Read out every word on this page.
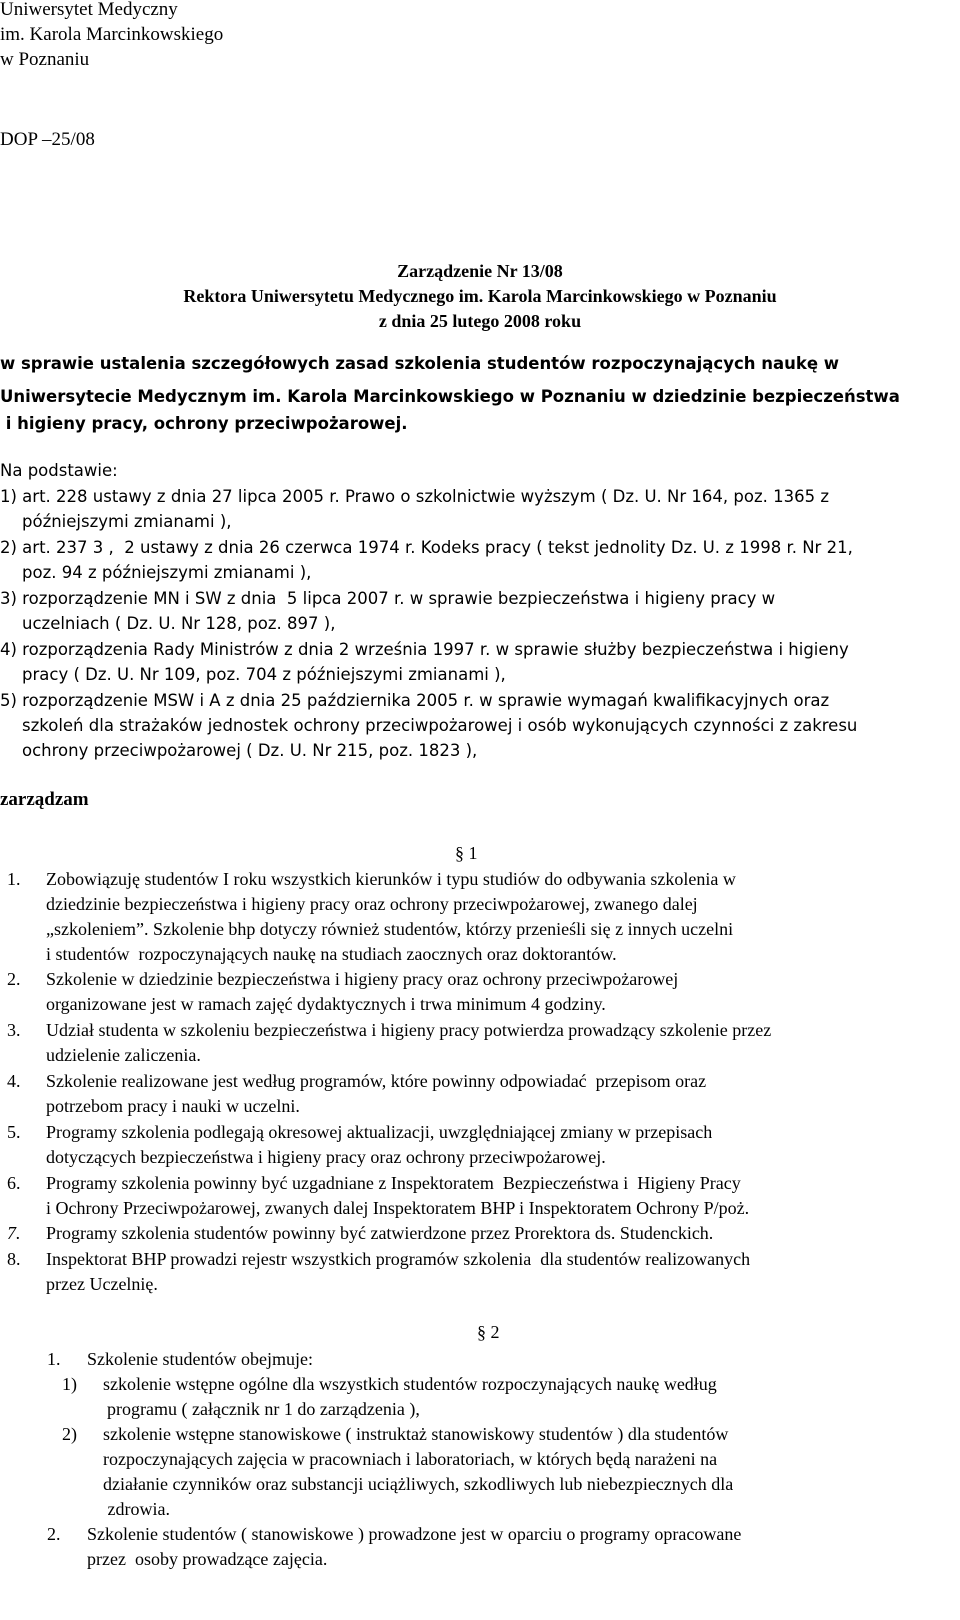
Uniwersytet Medyczny
im. Karola Marcinkowskiego
w Poznaniu
DOP –25/08
Zarządzenie Nr 13/08
Rektora Uniwersytetu Medycznego im. Karola Marcinkowskiego w Poznaniu
z dnia 25 lutego 2008 roku
w sprawie ustalenia szczegółowych zasad szkolenia studentów rozpoczynających naukę w
Uniwersytecie Medycznym im. Karola Marcinkowskiego w Poznaniu w dziedzinie bezpieczeństwa
i higieny pracy, ochrony przeciwpożarowej.
Na podstawie:
1) art. 228 ustawy z dnia 27 lipca 2005 r. Prawo o szkolnictwie wyższym ( Dz. U. Nr 164, poz. 1365 z
późniejszymi zmianami ),
2) art. 237 3 ,  2 ustawy z dnia 26 czerwca 1974 r. Kodeks pracy ( tekst jednolity Dz. U. z 1998 r. Nr 21,
poz. 94 z późniejszymi zmianami ),
3) rozporządzenie MN i SW z dnia  5 lipca 2007 r. w sprawie bezpieczeństwa i higieny pracy w
uczelniach ( Dz. U. Nr 128, poz. 897 ),
4) rozporządzenia Rady Ministrów z dnia 2 września 1997 r. w sprawie służby bezpieczeństwa i higieny
pracy ( Dz. U. Nr 109, poz. 704 z późniejszymi zmianami ),
5) rozporządzenie MSW i A z dnia 25 października 2005 r. w sprawie wymagań kwalifikacyjnych oraz
szkoleń dla strażaków jednostek ochrony przeciwpożarowej i osób wykonujących czynności z zakresu
ochrony przeciwpożarowej ( Dz. U. Nr 215, poz. 1823 ),
zarządzam
§ 1
1. Zobowiązuję studentów I roku wszystkich kierunków i typu studiów do odbywania szkolenia w
dziedzinie bezpieczeństwa i higieny pracy oraz ochrony przeciwpożarowej, zwanego dalej
„szkoleniem”. Szkolenie bhp dotyczy również studentów, którzy przenieśli się z innych uczelni
i studentów  rozpoczynających naukę na studiach zaocznych oraz doktorantów.
2. Szkolenie w dziedzinie bezpieczeństwa i higieny pracy oraz ochrony przeciwpożarowej
organizowane jest w ramach zajęć dydaktycznych i trwa minimum 4 godziny.
3. Udział studenta w szkoleniu bezpieczeństwa i higieny pracy potwierdza prowadzący szkolenie przez
udzielenie zaliczenia.
4. Szkolenie realizowane jest według programów, które powinny odpowiadać  przepisom oraz
potrzebom pracy i nauki w uczelni.
5. Programy szkolenia podlegają okresowej aktualizacji, uwzględniającej zmiany w przepisach
dotyczących bezpieczeństwa i higieny pracy oraz ochrony przeciwpożarowej.
6. Programy szkolenia powinny być uzgadniane z Inspektoratem  Bezpieczeństwa i  Higieny Pracy
i Ochrony Przeciwpożarowej, zwanych dalej Inspektoratem BHP i Inspektoratem Ochrony P/poż.
7. Programy szkolenia studentów powinny być zatwierdzone przez Prorektora ds. Studenckich.
8. Inspektorat BHP prowadzi rejestr wszystkich programów szkolenia  dla studentów realizowanych
przez Uczelnię.
§ 2
1. Szkolenie studentów obejmuje:
1) szkolenie wstępne ogólne dla wszystkich studentów rozpoczynających naukę według
programu ( załącznik nr 1 do zarządzenia ),
2) szkolenie wstępne stanowiskowe ( instruktaż stanowiskowy studentów ) dla studentów
rozpoczynających zajęcia w pracowniach i laboratoriach, w których będą narażeni na
działanie czynników oraz substancji uciążliwych, szkodliwych lub niebezpiecznych dla
zdrowia.
2. Szkolenie studentów ( stanowiskowe ) prowadzone jest w oparciu o programy opracowane
przez  osoby prowadzące zajęcia.
